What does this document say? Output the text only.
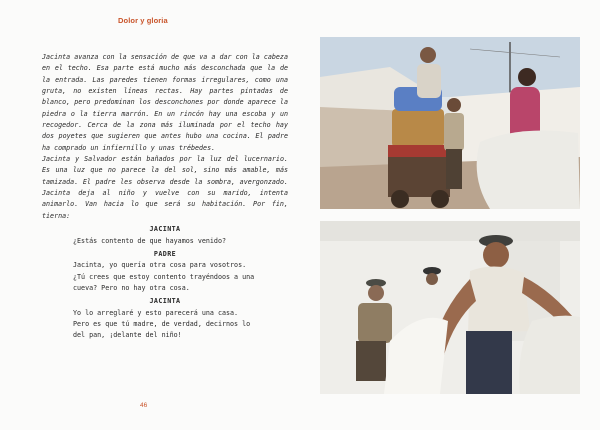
Dolor y gloria

Jacinta avanza con la sensación de que va a dar con la cabeza en el techo. Esa parte está mucho más desconchada que la de la entrada. Las paredes tienen formas irregulares, como una gruta, no existen líneas rectas. Hay partes pintadas de blanco, pero predominan los desconchones por donde aparece la piedra o la tierra marrón. En un rincón hay una escoba y un recogedor. Cerca de la zona más iluminada por el techo hay dos poyetes que sugieren que antes hubo una cocina. El padre ha comprado un infiernillo y unas trébedes.

Jacinta y Salvador están bañados por la luz del lucernario. Es una luz que no parece la del sol, sino más amable, más tamizada. El padre les observa desde la sombra, avergonzado. Jacinta deja al niño y vuelve con su marido, intenta animarlo. Van hacia lo que será su habitación. Por fin, tierna:

JACINTA

¿Estás contento de que hayamos venido?

PADRE

Jacinta, yo quería otra cosa para vosotros. ¿Tú crees que estoy contento trayéndoos a una cueva? Pero no hay otra cosa.

JACINTA

Yo lo arreglaré y esto parecerá una casa. Pero es que tú madre, de verdad, decirnos lo del pan, ¡delante del niño!

46
